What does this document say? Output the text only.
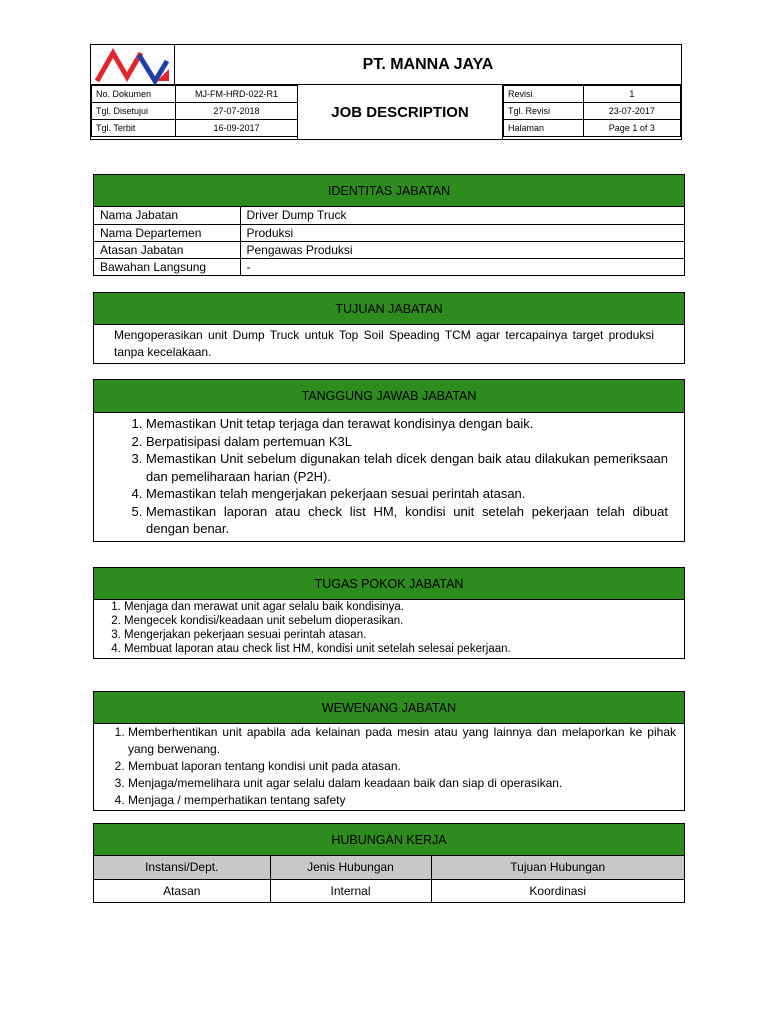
PT. MANNA JAYA
No. Dokumen	MJ-FM-HRD-022-R1
Tgl. Disetujui	27-07-2018
Tgl. Terbit	16-09-2017
JOB DESCRIPTION
Revisi	1
Tgl. Revisi	23-07-2017
Halaman	Page 1 of 3
IDENTITAS JABATAN
Nama Jabatan	Driver Dump Truck
Nama Departemen	Produksi
Atasan Jabatan	Pengawas Produksi
Bawahan Langsung	-
TUJUAN JABATAN
Mengoperasikan unit Dump Truck untuk Top Soil Speading TCM agar tercapainya target produksi tanpa kecelakaan.
TANGGUNG JAWAB JABATAN
1. Memastikan Unit tetap terjaga dan terawat kondisinya dengan baik.
2. Berpatisipasi dalam pertemuan K3L
3. Memastikan Unit sebelum digunakan telah dicek dengan baik atau dilakukan pemeriksaan dan pemeliharaan harian (P2H).
4. Memastikan telah mengerjakan pekerjaan sesuai perintah atasan.
5. Memastikan laporan atau check list HM, kondisi unit setelah pekerjaan telah dibuat dengan benar.
TUGAS POKOK JABATAN
1. Menjaga dan merawat unit agar selalu baik kondisinya.
2. Mengecek kondisi/keadaan unit sebelum dioperasikan.
3. Mengerjakan pekerjaan sesuai perintah atasan.
4. Membuat laporan atau check list HM, kondisi unit setelah selesai pekerjaan.
WEWENANG JABATAN
1. Memberhentikan unit apabila ada kelainan pada mesin atau yang lainnya dan melaporkan ke pihak yang berwenang.
2. Membuat laporan tentang kondisi unit pada atasan.
3. Menjaga/memelihara unit agar selalu dalam keadaan baik dan siap di operasikan.
4. Menjaga / memperhatikan tentang safety
HUBUNGAN KERJA
Instansi/Dept.	Jenis Hubungan	Tujuan Hubungan
Atasan	Internal	Koordinasi
